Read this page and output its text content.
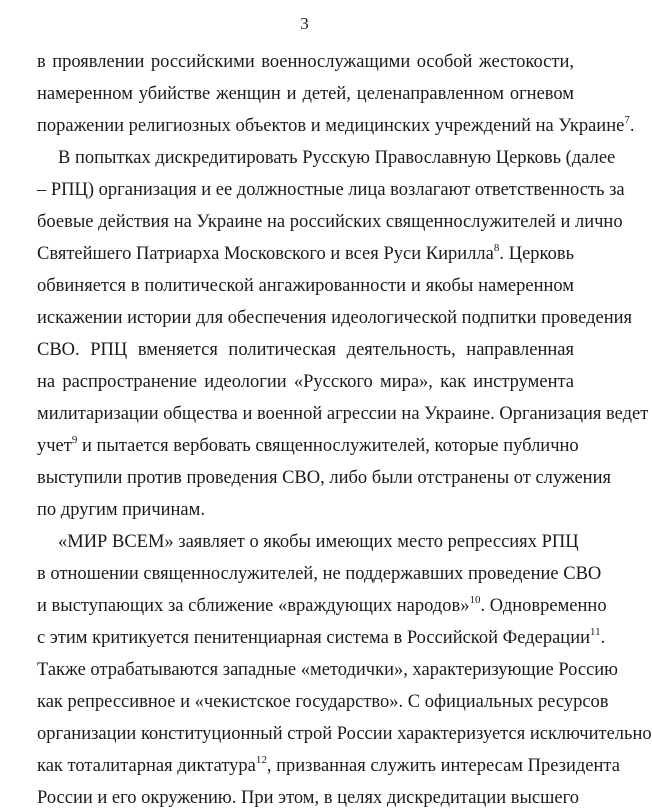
3
в проявлении российскими военнослужащими особой жестокости,
намеренном убийстве женщин и детей, целенаправленном огневом
поражении религиозных объектов и медицинских учреждений на Украине$^7$.
В попытках дискредитировать Русскую Православную Церковь (далее
– РПЦ) организация и ее должностные лица возлагают ответственность за
боевые действия на Украине на российских священнослужителей и лично
Святейшего Патриарха Московского и всея Руси Кирилла$^8$. Церковь
обвиняется в политической ангажированности и якобы намеренном
искажении истории для обеспечения идеологической подпитки проведения
СВО. РПЦ вменяется политическая деятельность, направленная
на распространение идеологии «Русского мира», как инструмента
милитаризации общества и военной агрессии на Украине. Организация ведет
учет$^9$ и пытается вербовать священнослужителей, которые публично
выступили против проведения СВО, либо были отстранены от служения
по другим причинам.
«МИР ВСЕМ» заявляет о якобы имеющих место репрессиях РПЦ
в отношении священнослужителей, не поддержавших проведение СВО
и выступающих за сближение «враждующих народов»$^{10}$. Одновременно
с этим критикуется пенитенциарная система в Российской Федерации$^{11}$.
Также отрабатываются западные «методички», характеризующие Россию
как репрессивное и «чекистское государство». С официальных ресурсов
организации конституционный строй России характеризуется исключительно
как тоталитарная диктатура$^{12}$, призванная служить интересам Президента
России и его окружению. При этом, в целях дискредитации высшего
